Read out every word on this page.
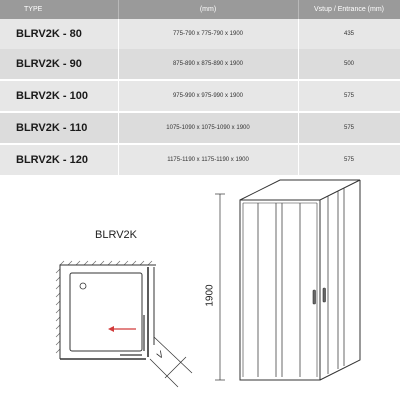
TYPE	(mm)	Vstup / Entrance (mm)
BLRV2K - 80	775-790 x 775-790 x 1900	435
BLRV2K - 90	875-890 x 875-890 x 1900	500
BLRV2K - 100	975-990 x 975-990 x 1900	575
BLRV2K - 110	1075-1090 x 1075-1090 x 1900	575
BLRV2K - 120	1175-1190 x 1175-1190 x 1900	575
BLRV2K
V
1900
